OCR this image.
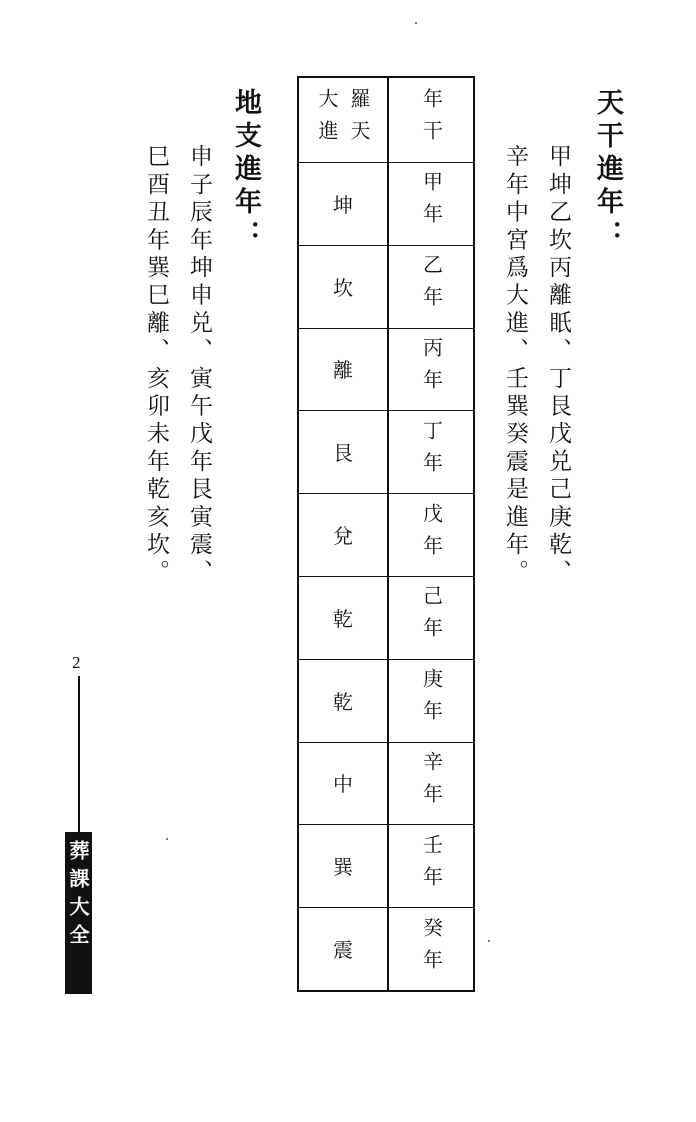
天干進年：
甲坤乙坎丙離眂、丁艮戊兑己庚乾、
辛年中宮爲大進、壬巽癸震是進年。
地支進年：
申子辰年坤申兑、寅午戊年艮寅震、
巳酉丑年巽巳離、亥卯未年乾亥坎。
羅天
大進	年干
甲年
坤
乙年
坎
丙年
離
丁年
艮
戊年
兌
己年
乾
庚年
乾
辛年
中
壬年
巽
癸年
震
2
葬課大全
